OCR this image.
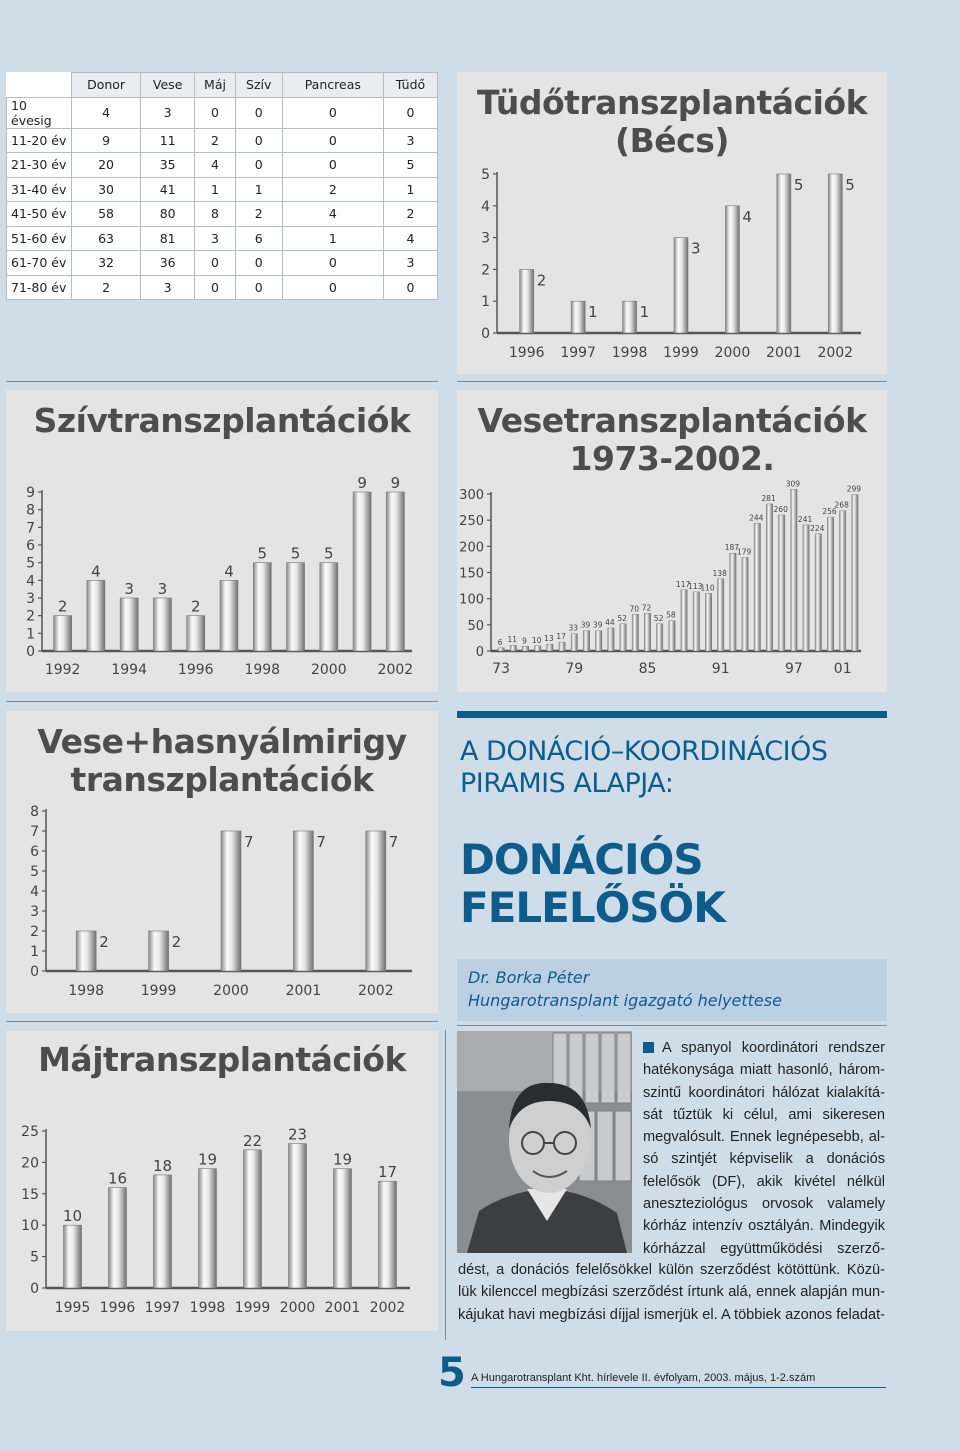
	Donor	Vese	Máj	Szív	Pancreas	Tüdő
10 évesig	4	3	0	0	0	0
11-20 év	9	11	2	0	0	3
21-30 év	20	35	4	0	0	5
31-40 év	30	41	1	1	2	1
41-50 év	58	80	8	2	4	2
51-60 év	63	81	3	6	1	4
61-70 év	32	36	0	0	0	3
71-80 év	2	3	0	0	0	0
Tüdőtranszplantációk
(Bécs)
0
1
2
3
4
5
2
1996
1
1997
1
1998
3
1999
4
2000
5
2001
5
2002
Szívtranszplantációk
0
1
2
3
4
5
6
7
8
9
2
1992
4
3
1994
3
2
1996
4
5
1998
5 5
2000
9 9
2002
Vesetranszplantációk
1973-2002.
0
50
100
150
200
250
300
6 11 9 10 13 17
33 39 39 44 52
70 72
52 58
117
113
110
138
187
179
244
281
260
309
241
224
256
268
299
73	79	85	91	97 01
Vese+hasnyálmirigy
transzplantációk
0
1
2
3
4
5
6
7
8
2
1998
2
1999
7
2000
7
2001
7
2002
Májtranszplantációk
0
5
10
15
20
25
10
1995
16
1996
18
1997
19
1998
22
1999
23
2000
19
2001
17
2002
A DONÁCIÓ–KOORDINÁCIÓS
PIRAMIS ALAPJA:
DONÁCIÓS
FELELŐSÖK
Dr. Borka Péter
Hungarotransplant igazgató helyettese
A spanyol koordinátori rendszer
hatékonysága miatt hasonló, három-
szintű koordinátori hálózat kialakítá-
sát tűztük ki célul, ami sikeresen
megvalósult. Ennek legnépesebb, al-
só szintjét képviselik a donációs
felelősök (DF), akik kivétel nélkül
aneszteziológus orvosok valamely
kórház intenzív osztályán. Mindegyik
kórházzal együttműködési szerző-
dést, a donációs felelősökkel külön szerződést kötöttünk. Közü-
lük kilenccel megbízási szerződést írtunk alá, ennek alapján mun-
kájukat havi megbízási díjjal ismerjük el. A többiek azonos feladat-
5 A Hungarotransplant Kht. hírlevele II. évfolyam, 2003. május, 1-2.szám
